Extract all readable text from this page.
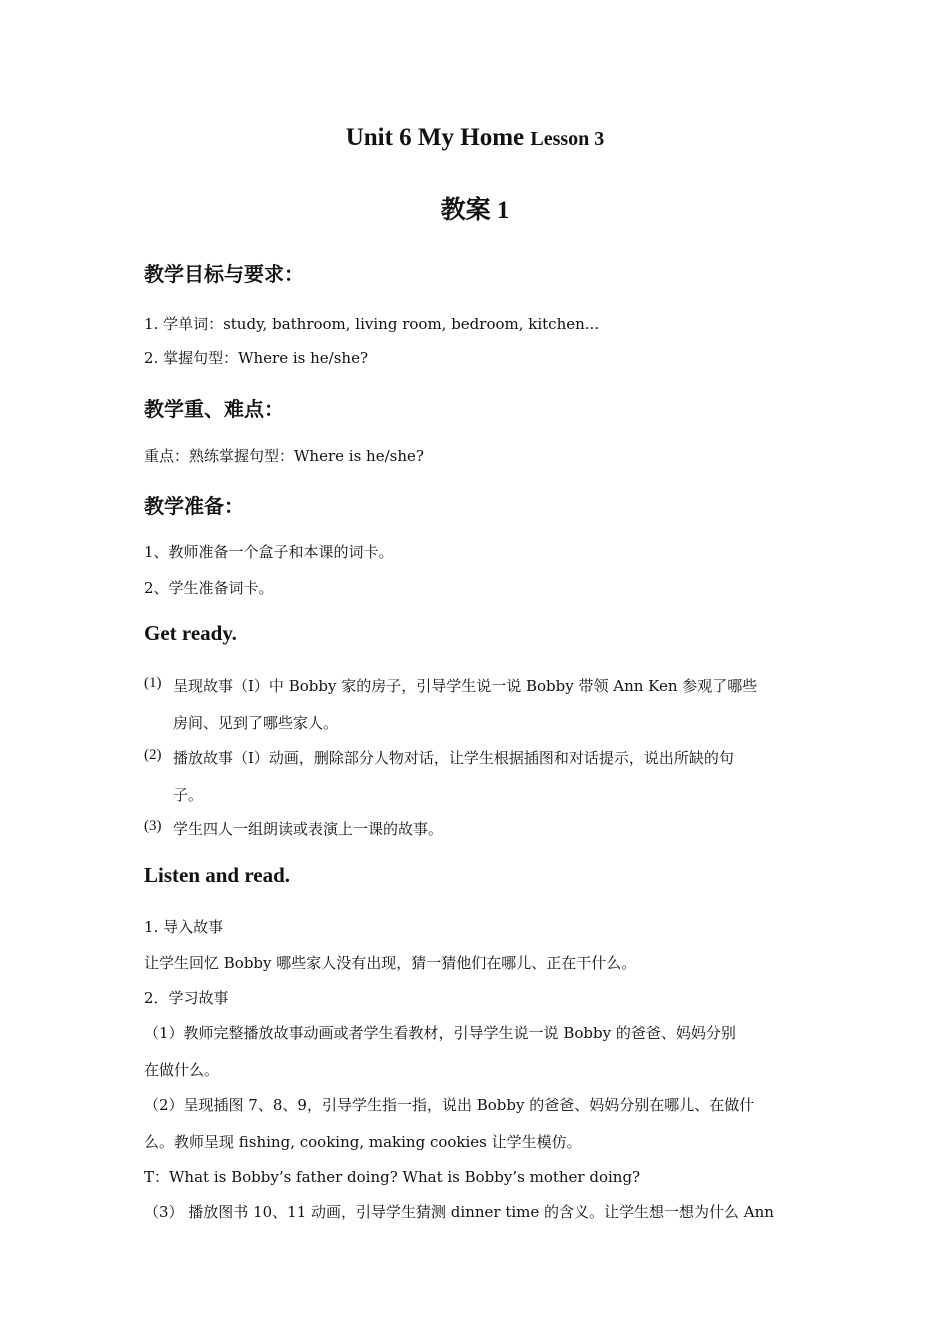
Unit 6 My Home Lesson 3
教案 1
教学目标与要求：
1. 学单词：study, bathroom, living room, bedroom, kitchen...
2. 掌握句型：Where is he/she?
教学重、难点：
重点：熟练掌握句型：Where is he/she?
教学准备：
1、教师准备一个盒子和本课的词卡。
2、学生准备词卡。
Get ready.
(1) 呈现故事（Ⅰ）中 Bobby 家的房子，引导学生说一说 Bobby 带领 Ann Ken 参观了哪些
房间、见到了哪些家人。
(2) 播放故事（I）动画，删除部分人物对话，让学生根据插图和对话提示，说出所缺的句
子。
(3) 学生四人一组朗读或表演上一课的故事。
Listen and read.
1. 导入故事
让学生回忆 Bobby 哪些家人没有出现，猜一猜他们在哪儿、正在干什么。
2．学习故事
（1）教师完整播放故事动画或者学生看教材，引导学生说一说 Bobby 的爸爸、妈妈分别
在做什么。
（2）呈现插图 7、8、9，引导学生指一指，说出 Bobby 的爸爸、妈妈分别在哪儿、在做什
么。教师呈现 fishing, cooking, making cookies 让学生模仿。
T：What is Bobby’s father doing? What is Bobby’s mother doing?
（3） 播放图书 10、11 动画，引导学生猜测 dinner time 的含义。让学生想一想为什么 Ann
